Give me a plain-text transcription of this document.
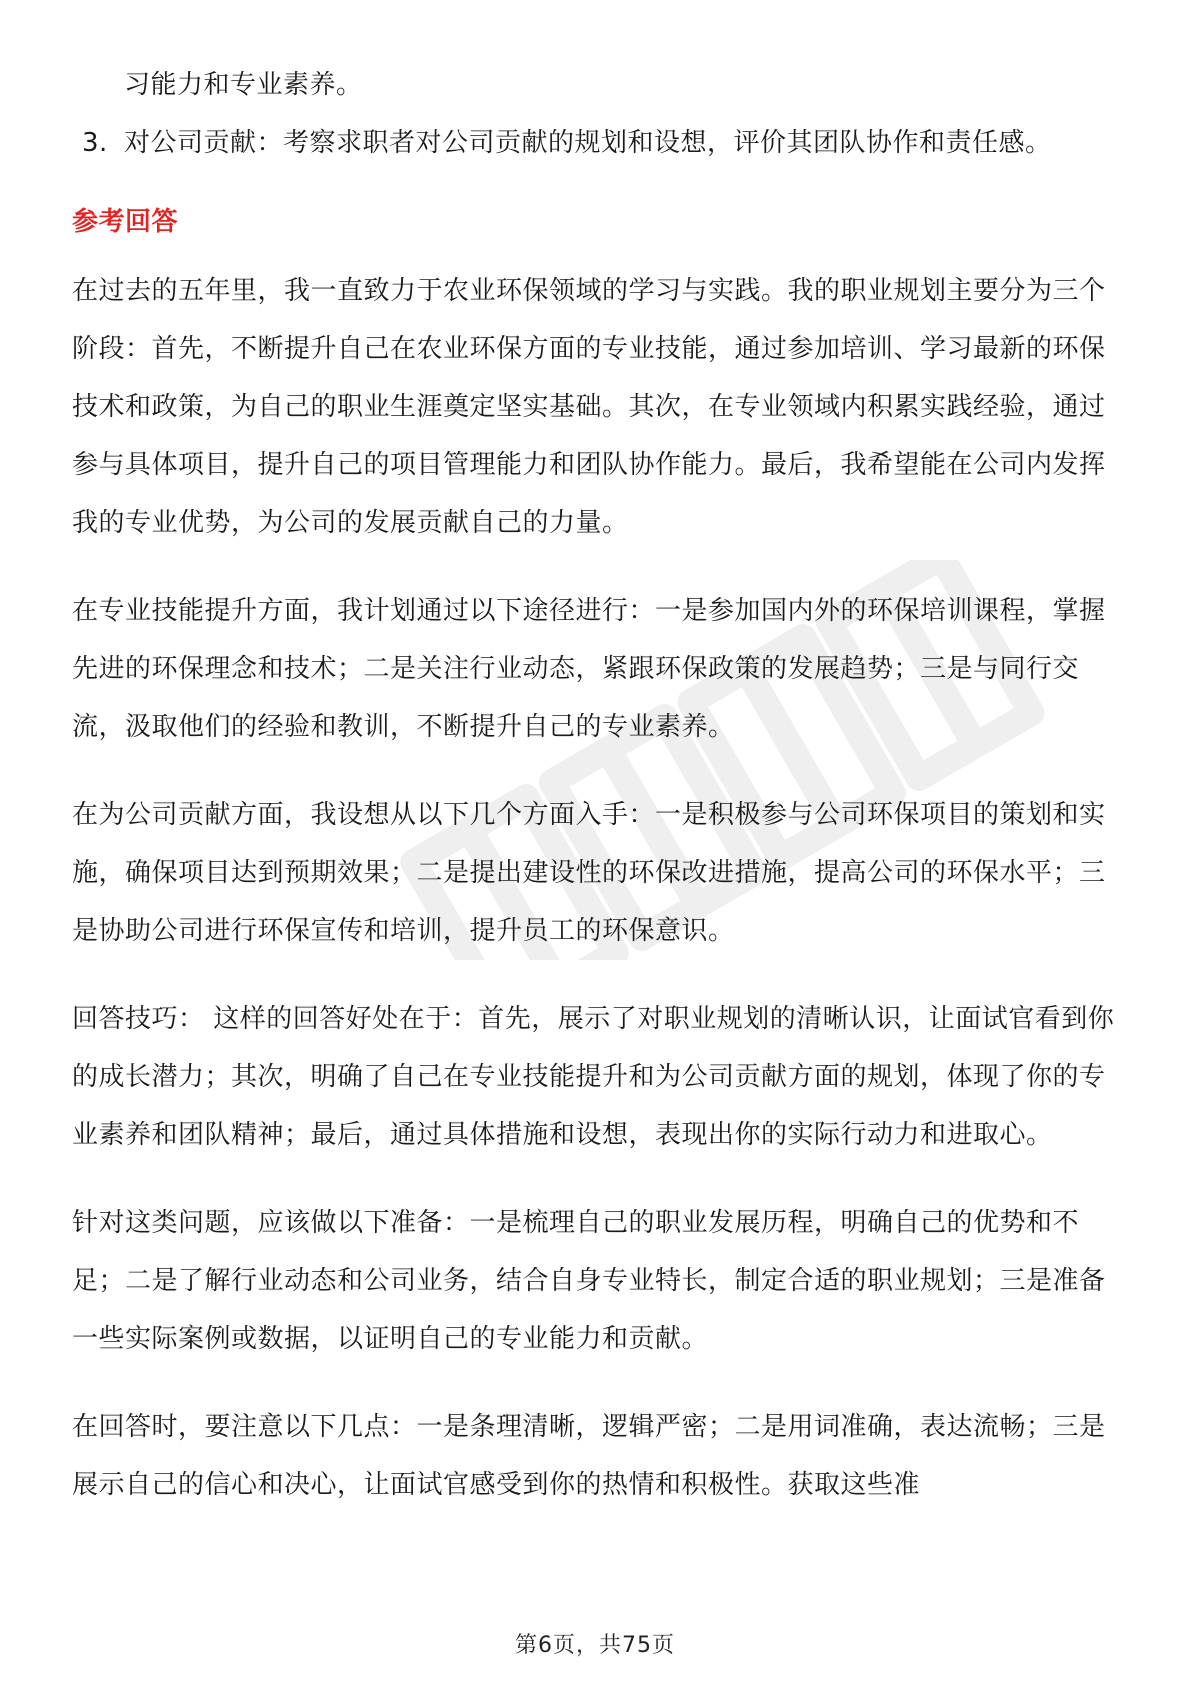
习能力和专业素养。

3. 对公司贡献：考察求职者对公司贡献的规划和设想，评价其团队协作和责任感。
参考回答

在过去的五年里，我一直致力于农业环保领域的学习与实践。我的职业规划主要分为三个阶段：首先，不断提升自己在农业环保方面的专业技能，通过参加培训、学习最新的环保技术和政策，为自己的职业生涯奠定坚实基础。其次，在专业领域内积累实践经验，通过参与具体项目，提升自己的项目管理能力和团队协作能力。最后，我希望能在公司内发挥我的专业优势，为公司的发展贡献自己的力量。

在专业技能提升方面，我计划通过以下途径进行：一是参加国内外的环保培训课程，掌握先进的环保理念和技术；二是关注行业动态，紧跟环保政策的发展趋势；三是与同行交流，汲取他们的经验和教训，不断提升自己的专业素养。

在为公司贡献方面，我设想从以下几个方面入手：一是积极参与公司环保项目的策划和实施，确保项目达到预期效果；二是提出建设性的环保改进措施，提高公司的环保水平；三是协助公司进行环保宣传和培训，提升员工的环保意识。

回答技巧： 这样的回答好处在于：首先，展示了对职业规划的清晰认识，让面试官看到你的成长潜力；其次，明确了自己在专业技能提升和为公司贡献方面的规划，体现了你的专业素养和团队精神；最后，通过具体措施和设想，表现出你的实际行动力和进取心。

针对这类问题，应该做以下准备：一是梳理自己的职业发展历程，明确自己的优势和不足；二是了解行业动态和公司业务，结合自身专业特长，制定合适的职业规划；三是准备一些实际案例或数据，以证明自己的专业能力和贡献。

在回答时，要注意以下几点：一是条理清晰，逻辑严密；二是用词准确，表达流畅；三是展示自己的信心和决心，让面试官感受到你的热情和积极性。获取这些准

第6页，共75页
